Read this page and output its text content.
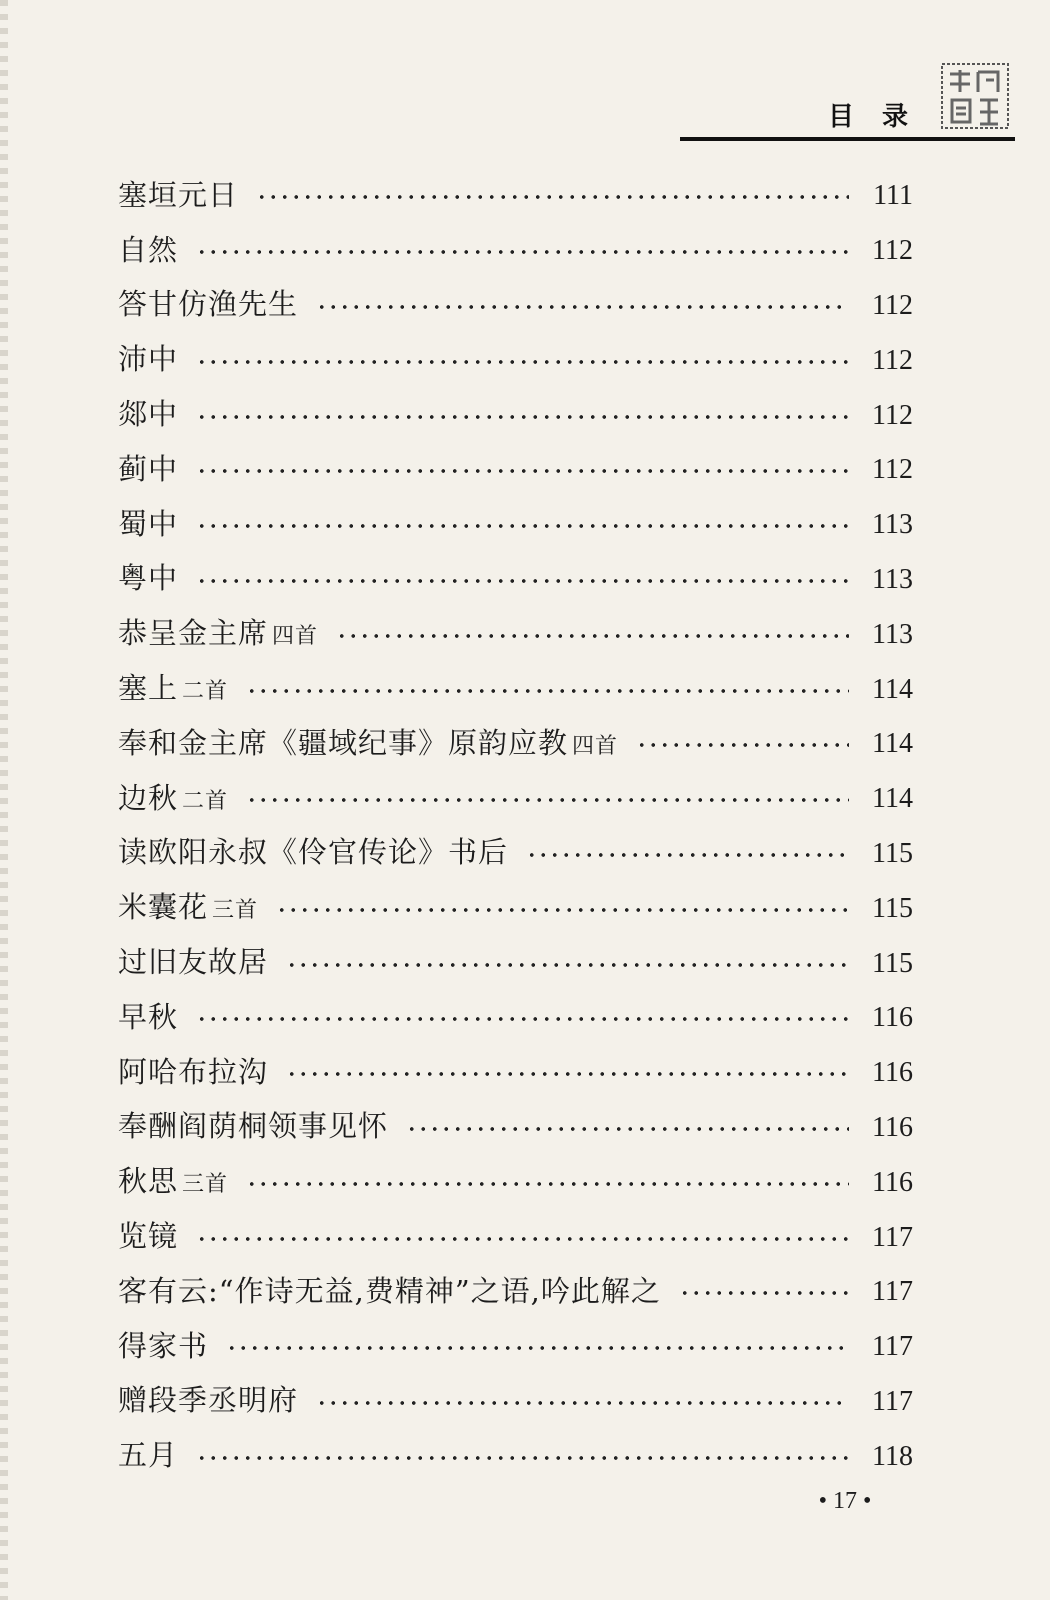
目录
塞垣元日	111
自然	112
答甘仿渔先生	112
沛中	112
郯中	112
蓟中	112
蜀中	113
粤中	113
恭呈金主席 四首	113
塞上 二首	114
奉和金主席《疆域纪事》原韵应教 四首	114
边秋 二首	114
读欧阳永叔《伶官传论》书后	115
米囊花 三首	115
过旧友故居	115
早秋	116
阿哈布拉沟	116
奉酬阎荫桐领事见怀	116
秋思 三首	116
览镜	117
客有云:“作诗无益,费精神”之语,吟此解之	117
得家书	117
赠段季丞明府	117
五月	118
• 17 •
